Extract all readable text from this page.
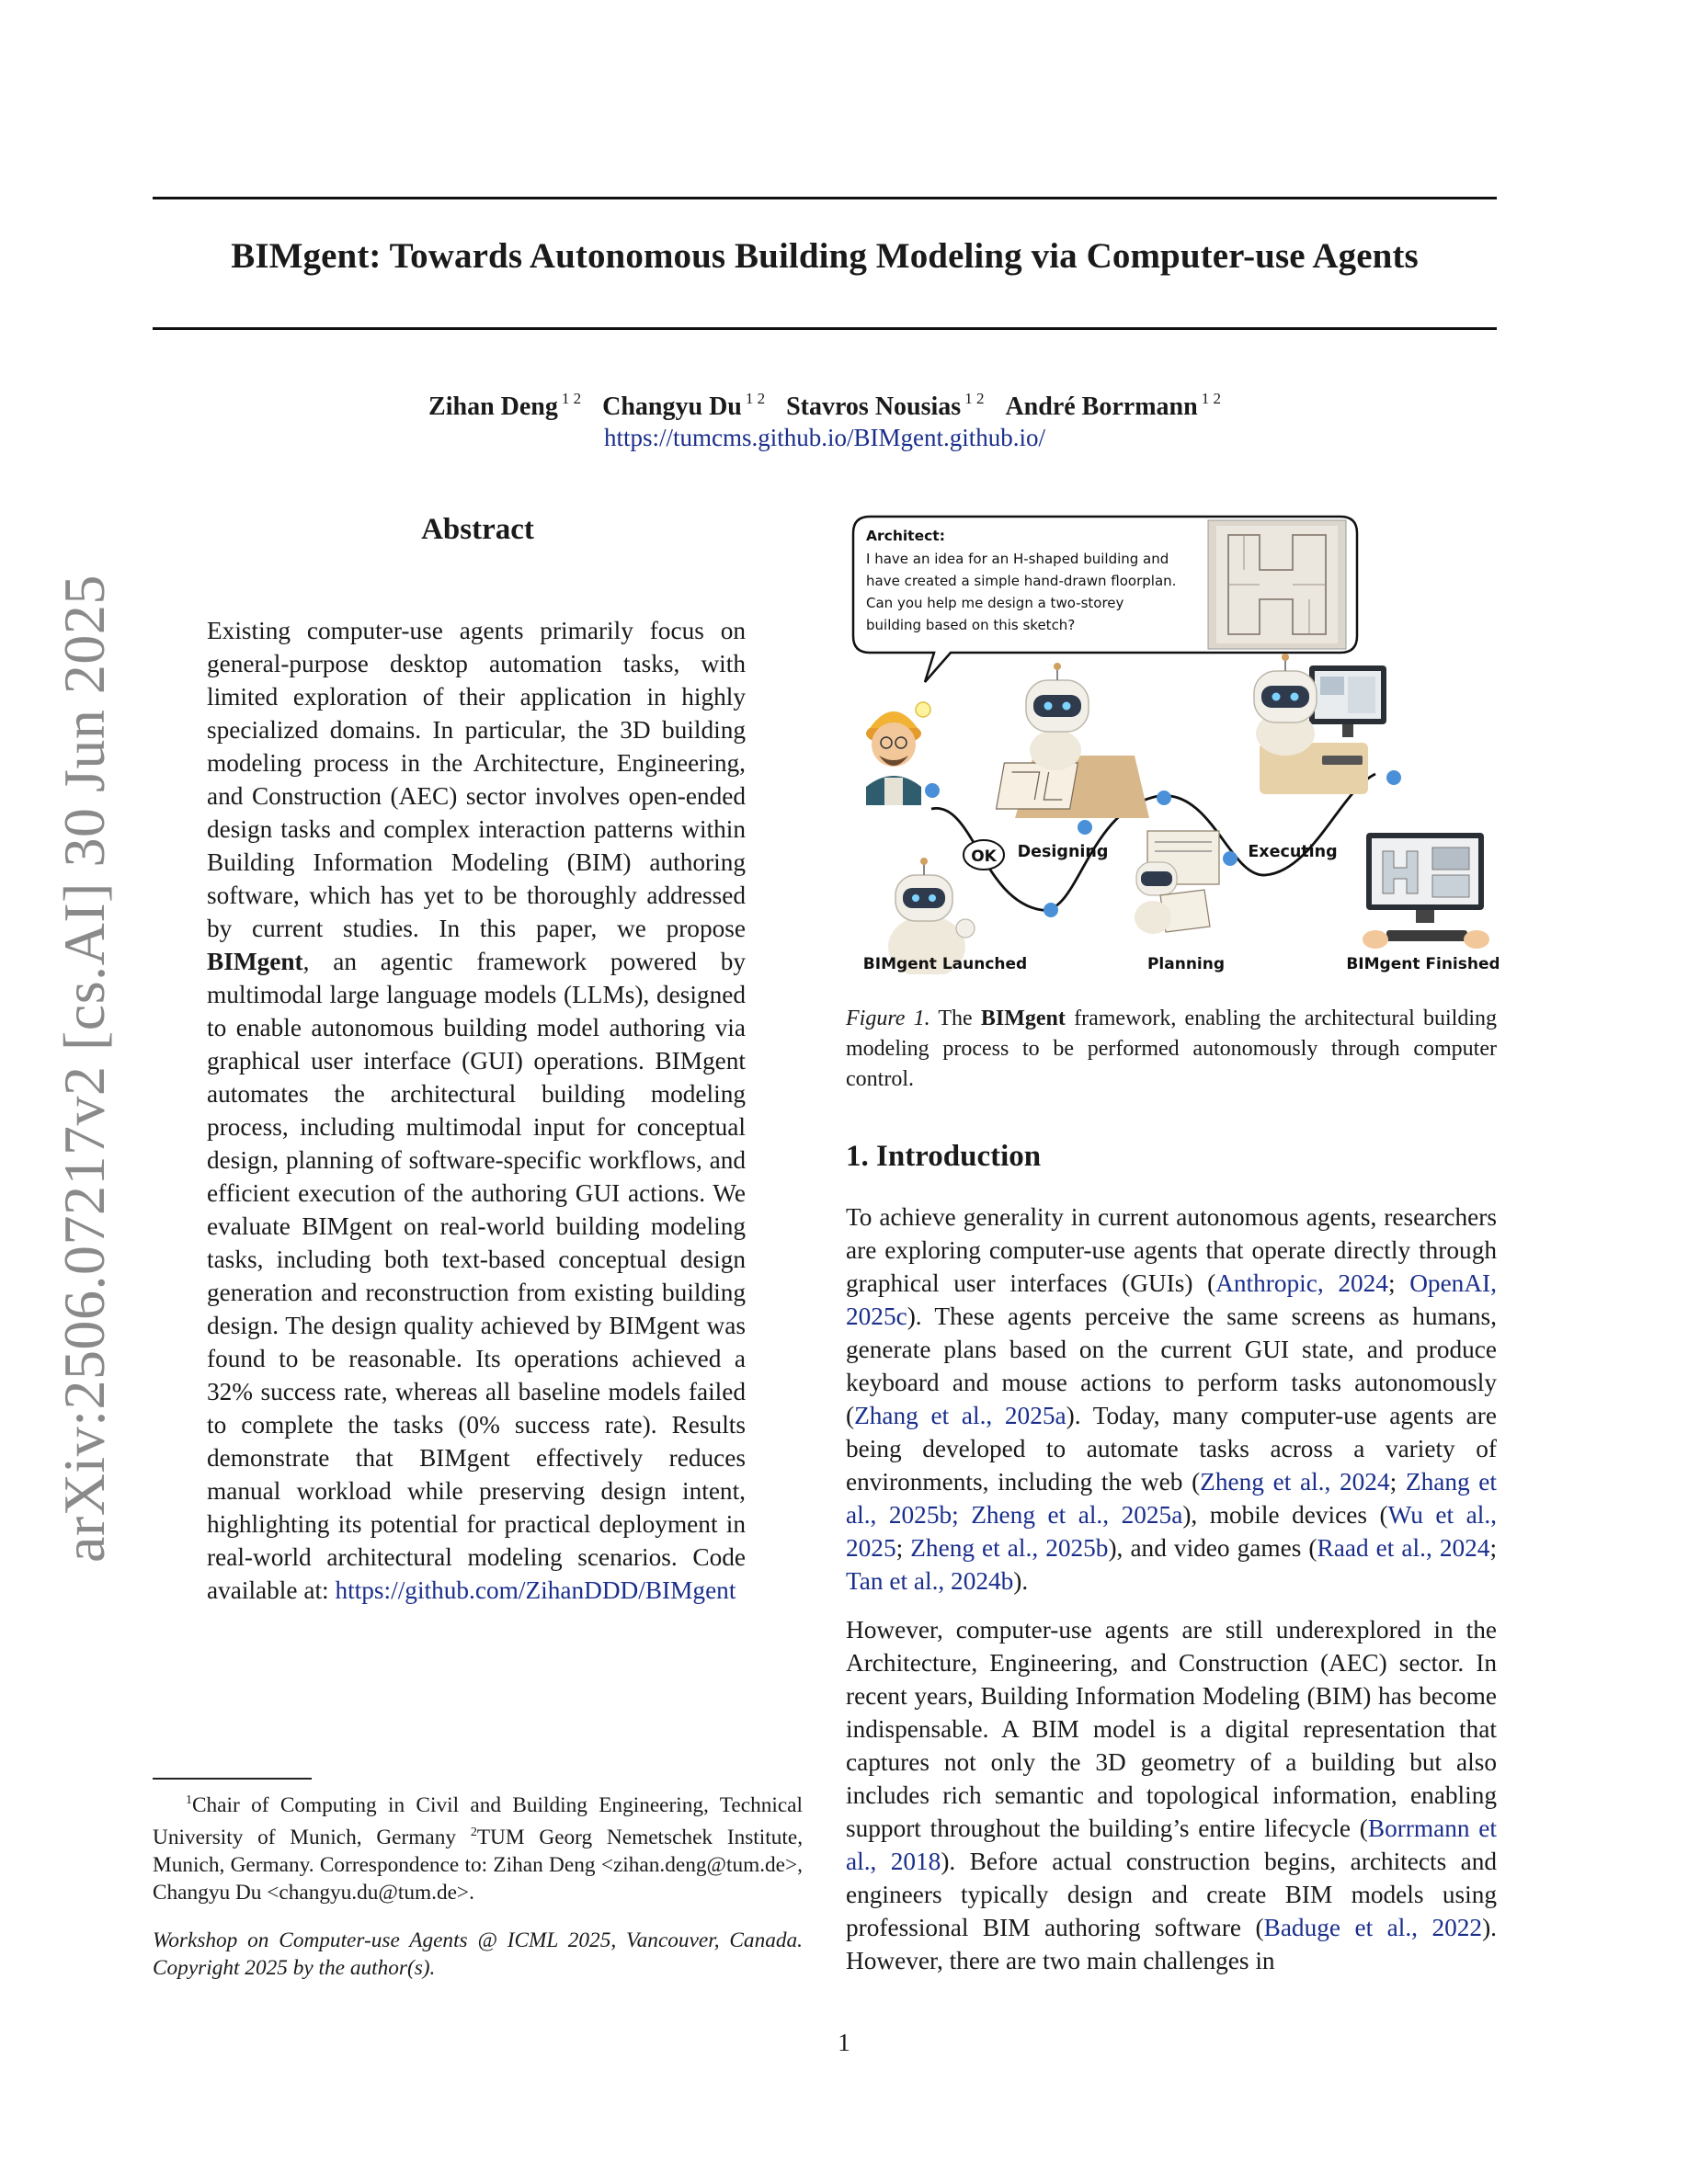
BIMgent: Towards Autonomous Building Modeling via Computer-use Agents
Zihan Deng $^{1 2}$ Changyu Du $^{1 2}$ Stavros Nousias $^{1 2}$ André Borrmann $^{1 2}$
https://tumcms.github.io/BIMgent.github.io/
arXiv:2506.07217v2 [cs.AI] 30 Jun 2025
Abstract
Existing computer-use agents primarily focus on general-purpose desktop automation tasks, with limited exploration of their application in highly specialized domains. In particular, the 3D building modeling process in the Architecture, Engineering, and Construction (AEC) sector involves open-ended design tasks and complex interaction patterns within Building Information Modeling (BIM) authoring software, which has yet to be thoroughly addressed by current studies. In this paper, we propose BIMgent, an agentic framework powered by multimodal large language models (LLMs), designed to enable autonomous building model authoring via graphical user interface (GUI) operations. BIMgent automates the architectural building modeling process, including multimodal input for conceptual design, planning of software-specific workflows, and efficient execution of the authoring GUI actions. We evaluate BIMgent on real-world building modeling tasks, including both text-based conceptual design generation and reconstruction from existing building design. The design quality achieved by BIMgent was found to be reasonable. Its operations achieved a 32% success rate, whereas all baseline models failed to complete the tasks (0% success rate). Results demonstrate that BIMgent effectively reduces manual workload while preserving design intent, highlighting its potential for practical deployment in real-world architectural modeling scenarios. Code available at: https://github.com/ZihanDDD/BIMgent
$^1$Chair of Computing in Civil and Building Engineering, Technical University of Munich, Germany $^2$TUM Georg Nemetschek Institute, Munich, Germany. Correspondence to: Zihan Deng <zihan.deng@tum.de>, Changyu Du <changyu.du@tum.de>.
Workshop on Computer-use Agents @ ICML 2025, Vancouver, Canada. Copyright 2025 by the author(s).
Architect:
I have an idea for an H-shaped building and
have created a simple hand-drawn floorplan.
Can you help me design a two-storey
building based on this sketch?
OK Designing	Executing
BIMgent Launched	Planning	BIMgent Finished
Figure 1. The BIMgent framework, enabling the architectural building modeling process to be performed autonomously through computer control.
1. Introduction
To achieve generality in current autonomous agents, researchers are exploring computer-use agents that operate directly through graphical user interfaces (GUIs) (Anthropic, 2024; OpenAI, 2025c). These agents perceive the same screens as humans, generate plans based on the current GUI state, and produce keyboard and mouse actions to perform tasks autonomously (Zhang et al., 2025a). Today, many computer-use agents are being developed to automate tasks across a variety of environments, including the web (Zheng et al., 2024; Zhang et al., 2025b; Zheng et al., 2025a), mobile devices (Wu et al., 2025; Zheng et al., 2025b), and video games (Raad et al., 2024; Tan et al., 2024b).
However, computer-use agents are still underexplored in the Architecture, Engineering, and Construction (AEC) sector. In recent years, Building Information Modeling (BIM) has become indispensable. A BIM model is a digital representation that captures not only the 3D geometry of a building but also includes rich semantic and topological information, enabling support throughout the building’s entire lifecycle (Borrmann et al., 2018). Before actual construction begins, architects and engineers typically design and create BIM models using professional BIM authoring software (Baduge et al., 2022). However, there are two main challenges in
1
